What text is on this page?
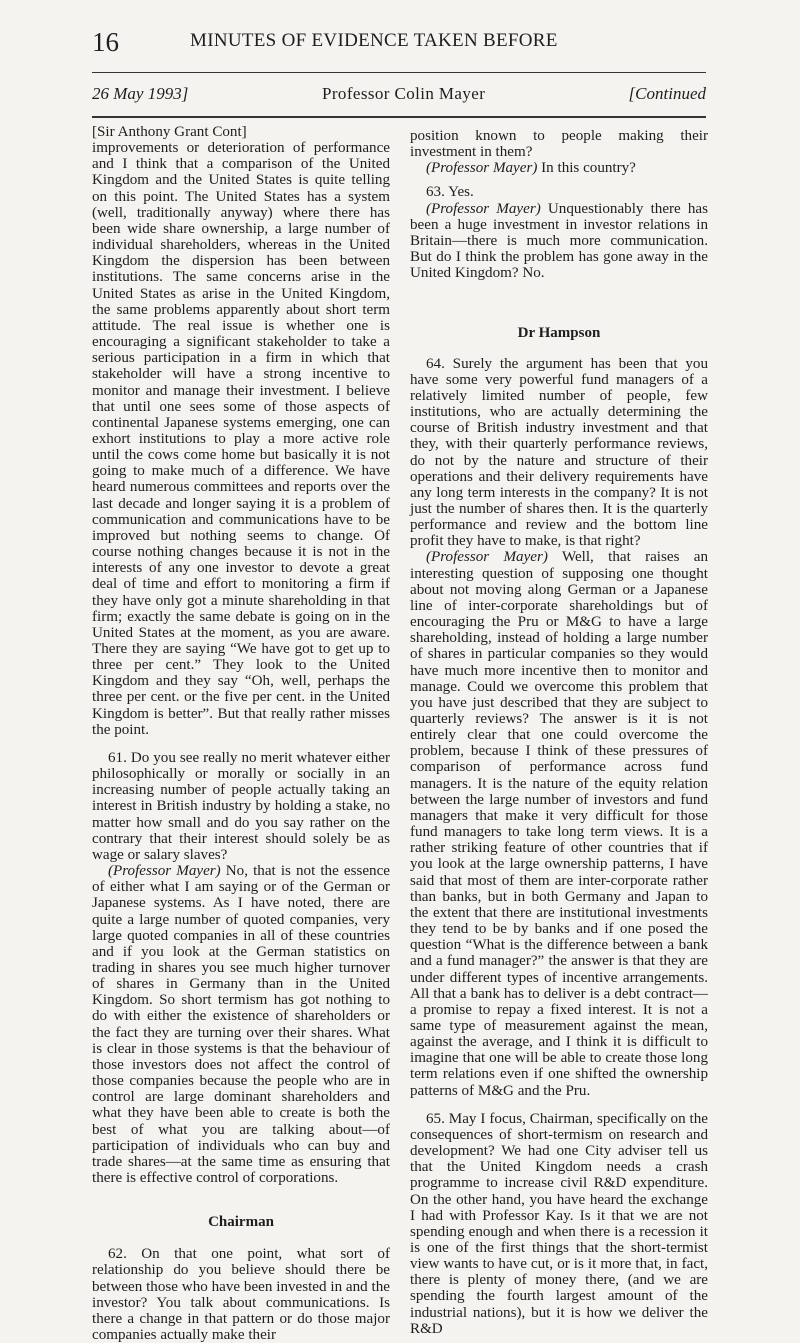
16	MINUTES OF EVIDENCE TAKEN BEFORE
26 May 1993]	Professor Colin Mayer	[Continued

[Sir Anthony Grant Cont]

improvements or deterioration of performance and I think that a comparison of the United Kingdom and the United States is quite telling on this point. The United States has a system (well, traditionally anyway) where there has been wide share ownership, a large number of individual shareholders, whereas in the United Kingdom the dispersion has been between institutions. The same concerns arise in the United States as arise in the United Kingdom, the same problems apparently about short term attitude. The real issue is whether one is encouraging a significant stakeholder to take a serious participation in a firm in which that stakeholder will have a strong incentive to monitor and manage their investment. I believe that until one sees some of those aspects of continental Japanese systems emerging, one can exhort institutions to play a more active role until the cows come home but basically it is not going to make much of a difference. We have heard numerous committees and reports over the last decade and longer saying it is a problem of communication and communications have to be improved but nothing seems to change. Of course nothing changes because it is not in the interests of any one investor to devote a great deal of time and effort to monitoring a firm if they have only got a minute shareholding in that firm; exactly the same debate is going on in the United States at the moment, as you are aware. There they are saying “We have got to get up to three per cent.” They look to the United Kingdom and they say “Oh, well, perhaps the three per cent. or the five per cent. in the United Kingdom is better”. But that really rather misses the point.

61. Do you see really no merit whatever either philosophically or morally or socially in an increasing number of people actually taking an interest in British industry by holding a stake, no matter how small and do you say rather on the contrary that their interest should solely be as wage or salary slaves?

(Professor Mayer) No, that is not the essence of either what I am saying or of the German or Japanese systems. As I have noted, there are quite a large number of quoted companies, very large quoted companies in all of these countries and if you look at the German statistics on trading in shares you see much higher turnover of shares in Germany than in the United Kingdom. So short termism has got nothing to do with either the existence of shareholders or the fact they are turning over their shares. What is clear in those systems is that the behaviour of those investors does not affect the control of those companies because the people who are in control are large dominant shareholders and what they have been able to create is both the best of what you are talking about—of participation of individuals who can buy and trade shares—at the same time as ensuring that there is effective control of corporations.

Chairman

62. On that one point, what sort of relationship do you believe should there be between those who have been invested in and the investor? You talk about communications. Is there a change in that pattern or do those major companies actually make their

position known to people making their investment in them?

(Professor Mayer) In this country?

63. Yes.

(Professor Mayer) Unquestionably there has been a huge investment in investor relations in Britain—there is much more communication. But do I think the problem has gone away in the United Kingdom? No.

Dr Hampson

64. Surely the argument has been that you have some very powerful fund managers of a relatively limited number of people, few institutions, who are actually determining the course of British industry investment and that they, with their quarterly performance reviews, do not by the nature and structure of their operations and their delivery requirements have any long term interests in the company? It is not just the number of shares then. It is the quarterly performance and review and the bottom line profit they have to make, is that right?

(Professor Mayer) Well, that raises an interesting question of supposing one thought about not moving along German or a Japanese line of inter-corporate shareholdings but of encouraging the Pru or M&G to have a large shareholding, instead of holding a large number of shares in particular companies so they would have much more incentive then to monitor and manage. Could we overcome this problem that you have just described that they are subject to quarterly reviews? The answer is it is not entirely clear that one could overcome the problem, because I think of these pressures of comparison of performance across fund managers. It is the nature of the equity relation between the large number of investors and fund managers that make it very difficult for those fund managers to take long term views. It is a rather striking feature of other countries that if you look at the large ownership patterns, I have said that most of them are inter-corporate rather than banks, but in both Germany and Japan to the extent that there are institutional investments they tend to be by banks and if one posed the question “What is the difference between a bank and a fund manager?” the answer is that they are under different types of incentive arrangements. All that a bank has to deliver is a debt contract—a promise to repay a fixed interest. It is not a same type of measurement against the mean, against the average, and I think it is difficult to imagine that one will be able to create those long term relations even if one shifted the ownership patterns of M&G and the Pru.

65. May I focus, Chairman, specifically on the consequences of short-termism on research and development? We had one City adviser tell us that the United Kingdom needs a crash programme to increase civil R&D expenditure. On the other hand, you have heard the exchange I had with Professor Kay. Is it that we are not spending enough and when there is a recession it is one of the first things that the short-termist view wants to have cut, or is it more that, in fact, there is plenty of money there, (and we are spending the fourth largest amount of the industrial nations), but it is how we deliver the R&D
